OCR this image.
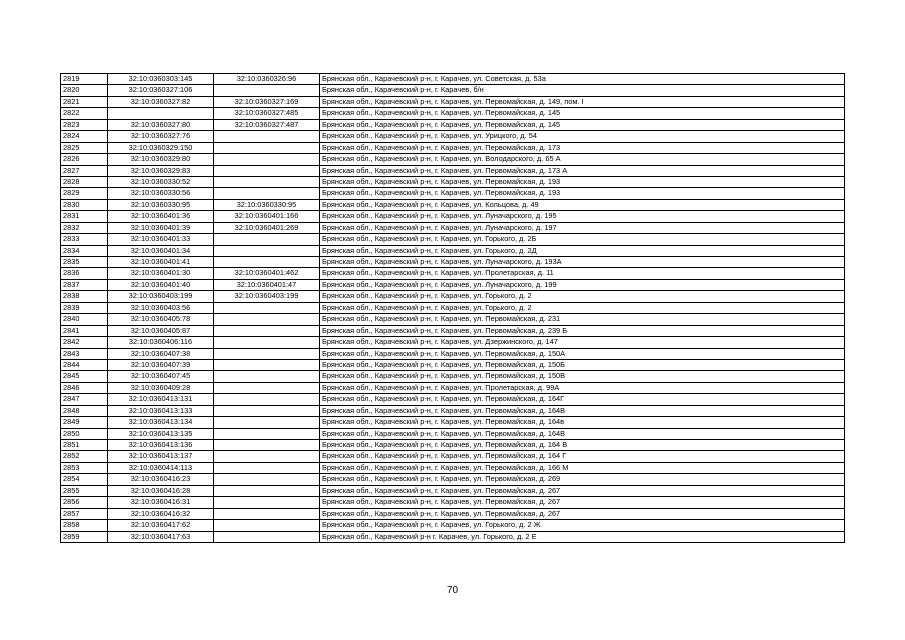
2819	32:10:0360303:145	32:10:0360326:96	Брянская обл., Карачевский р-н, г. Карачев, ул. Советская, д. 53а
2820	32:10:0360327:106		Брянская обл., Карачевский р-н, г. Карачев, б/н
2821	32:10:0360327:82	32:10:0360327:169	Брянская обл., Карачевский р-н, г. Карачев, ул. Первомайская, д. 149, пом. I
2822		32:10:0360327:485	Брянская обл., Карачевский р-н, г. Карачев, ул. Первомайская, д. 145
2823	32:10:0360327:80	32:10:0360327:487	Брянская обл., Карачевский р-н, г. Карачев, ул. Первомайская, д. 145
2824	32:10:0360327:76		Брянская обл., Карачевский р-н, г. Карачев, ул. Урицкого, д. 54
2825	32:10:0360329:150		Брянская обл., Карачевский р-н, г. Карачев, ул. Первомайская, д. 173
2826	32:10:0360329:80		Брянская обл., Карачевский р-н, г. Карачев, ул. Володарского, д. 65 А
2827	32:10:0360329:83		Брянская обл., Карачевский р-н, г. Карачев, ул. Первомайская, д. 173 А
2828	32:10:0360330:52		Брянская обл., Карачевский р-н, г. Карачев, ул. Первомайская, д. 193
2829	32:10:0360330:56		Брянская обл., Карачевский р-н, г. Карачев, ул. Первомайская, д. 193
2830	32:10:0360330:95	32:10:0360330:95	Брянская обл., Карачевский р-н, г. Карачев, ул. Кольцова, д. 49
2831	32:10:0360401:36	32:10:0360401:166	Брянская обл., Карачевский р-н, г. Карачев, ул. Луначарского, д. 195
2832	32:10:0360401:39	32:10:0360401:269	Брянская обл., Карачевский р-н, г. Карачев, ул. Луначарского, д. 197
2833	32:10:0360401:33		Брянская обл., Карачевский р-н, г. Карачев, ул. Горького, д. 2Б
2834	32:10:0360401:34		Брянская обл., Карачевский р-н, г. Карачев, ул. Горького, д. 2Д
2835	32:10:0360401:41		Брянская обл., Карачевский р-н, г. Карачев, ул. Луначарского, д. 193А
2836	32:10:0360401:30	32:10:0360401:462	Брянская обл., Карачевский р-н, г. Карачев, ул. Пролетарская, д. 11
2837	32:10:0360401:40	32:10:0360401:47	Брянская обл., Карачевский р-н, г. Карачев, ул. Луначарского, д. 199
2838	32:10:0360403:199	32:10:0360403:199	Брянская обл., Карачевский р-н, г. Карачев, ул. Горького, д. 2
2839	32:10:0360403:56		Брянская обл., Карачевский р-н, г. Карачев, ул. Горького, д. 2
2840	32:10:0360405:78		Брянская обл., Карачевский р-н, г. Карачев, ул. Первомайская, д. 231
2841	32:10:0360405:87		Брянская обл., Карачевский р-н, г. Карачев, ул. Первомайская, д. 239 Б
2842	32:10:0360406:116		Брянская обл., Карачевский р-н, г. Карачев, ул. Дзержинского, д. 147
2843	32:10:0360407:38		Брянская обл., Карачевский р-н, г. Карачев, ул. Первомайская, д. 150А
2844	32:10:0360407:39		Брянская обл., Карачевский р-н, г. Карачев, ул. Первомайская, д. 150Б
2845	32:10:0360407:45		Брянская обл., Карачевский р-н, г. Карачев, ул. Первомайская, д. 150В
2846	32:10:0360409:28		Брянская обл., Карачевский р-н, г. Карачев, ул. Пролетарская, д. 99А
2847	32:10:0360413:131		Брянская обл., Карачевский р-н, г. Карачев, ул. Первомайская, д. 164Г
2848	32:10:0360413:133		Брянская обл., Карачевский р-н, г. Карачев, ул. Первомайская, д. 164В
2849	32:10:0360413:134		Брянская обл., Карачевский р-н, г. Карачев, ул. Первомайская, д. 164в
2850	32:10:0360413:135		Брянская обл., Карачевский р-н, г. Карачев, ул. Первомайская, д. 164В
2851	32:10:0360413:136		Брянская обл., Карачевский р-н, г. Карачев, ул. Первомайская, д. 164 В
2852	32:10:0360413:137		Брянская обл., Карачевский р-н, г. Карачев, ул. Первомайская, д. 164 Г
2853	32:10:0360414:113		Брянская обл., Карачевский р-н, г. Карачев, ул. Первомайская, д. 166 М
2854	32:10:0360416:23		Брянская обл., Карачевский р-н, г. Карачев, ул. Первомайская, д. 269
2855	32:10:0360416:28		Брянская обл., Карачевский р-н, г. Карачев, ул. Первомайская, д. 267
2856	32:10:0360416:31		Брянская обл., Карачевский р-н, г. Карачев, ул. Первомайская, д. 267
2857	32:10:0360416:32		Брянская обл., Карачевский р-н, г. Карачев, ул. Первомайская, д. 267
2858	32:10:0360417:62		Брянская обл., Карачевский р-н, г. Карачев, ул. Горького, д. 2 Ж
2859	32:10:0360417:63		Брянская обл., Карачевский р-н г. Карачев, ул. Горького, д. 2 Е
70
